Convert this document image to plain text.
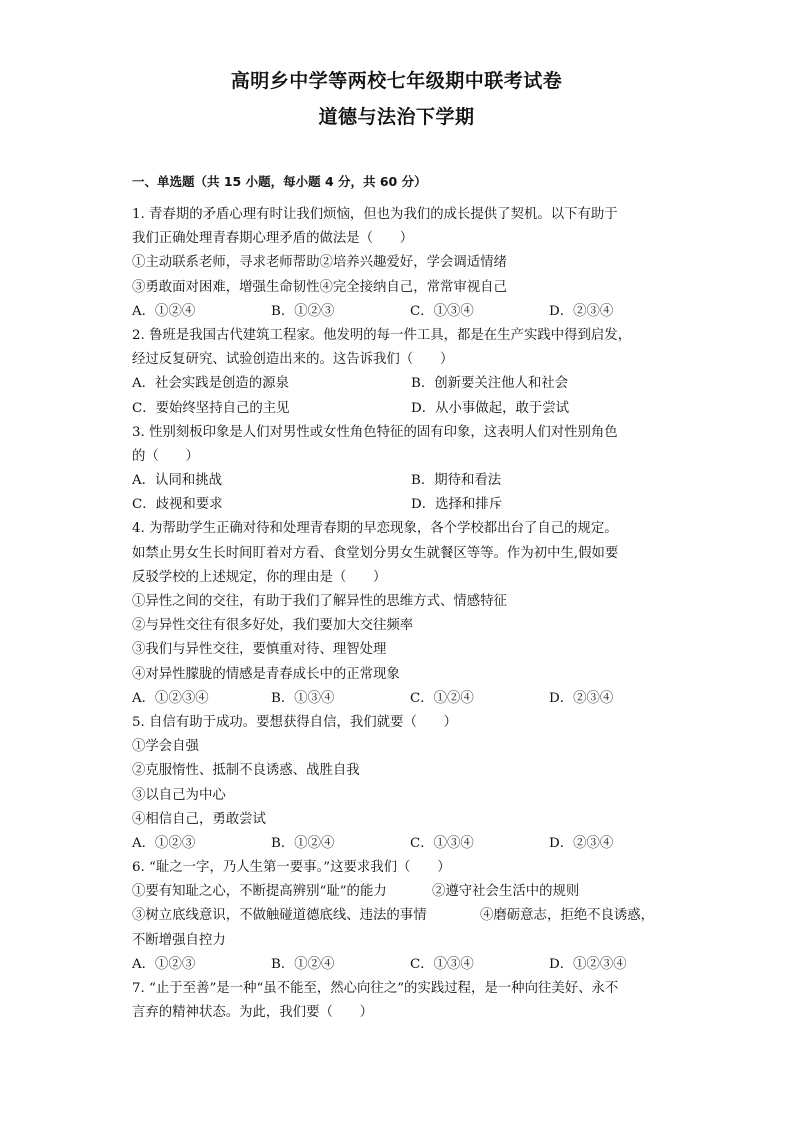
高明乡中学等两校七年级期中联考试卷
道德与法治下学期
一、单选题（共 15 小题，每小题 4 分，共 60 分）
1. 青春期的矛盾心理有时让我们烦恼，但也为我们的成长提供了契机。以下有助于
我们正确处理青春期心理矛盾的做法是（　　）
①主动联系老师，寻求老师帮助②培养兴趣爱好，学会调适情绪
③勇敢面对困难，增强生命韧性④完全接纳自己，常常审视自己
A．①②④	B．①②③	C．①③④	D．②③④
2. 鲁班是我国古代建筑工程家。他发明的每一件工具，都是在生产实践中得到启发，
经过反复研究、试验创造出来的。这告诉我们（　　）
A．社会实践是创造的源泉	B．创新要关注他人和社会
C．要始终坚持自己的主见	D．从小事做起，敢于尝试
3. 性别刻板印象是人们对男性或女性角色特征的固有印象，这表明人们对性别角色
的（　　）
A．认同和挑战	B．期待和看法
C．歧视和要求	D．选择和排斥
4. 为帮助学生正确对待和处理青春期的早恋现象，各个学校都出台了自己的规定。
如禁止男女生长时间盯着对方看、食堂划分男女生就餐区等等。作为初中生,假如要
反驳学校的上述规定，你的理由是（　　）
①异性之间的交往，有助于我们了解异性的思维方式、情感特征
②与异性交往有很多好处，我们要加大交往频率
③我们与异性交往，要慎重对待、理智处理
④对异性朦胧的情感是青春成长中的正常现象
A．①②③④	B．①③④	C．①②④	D．②③④
5. 自信有助于成功。要想获得自信，我们就要（　　）
①学会自强
②克服惰性、抵制不良诱惑、战胜自我
③以自己为中心
④相信自己，勇敢尝试
A．①②③	B．①②④	C．①③④	D．②③④
6. “耻之一字，乃人生第一要事。”这要求我们（　　）
①要有知耻之心，不断提高辨别“耻”的能力	②遵守社会生活中的规则
③树立底线意识，不做触碰道德底线、违法的事情	④磨砺意志，拒绝不良诱惑，
不断增强自控力
A．①②③	B．①②④	C．①③④	D．①②③④
7. “止于至善”是一种“虽不能至，然心向往之”的实践过程，是一种向往美好、永不
言弃的精神状态。为此，我们要（　　）
